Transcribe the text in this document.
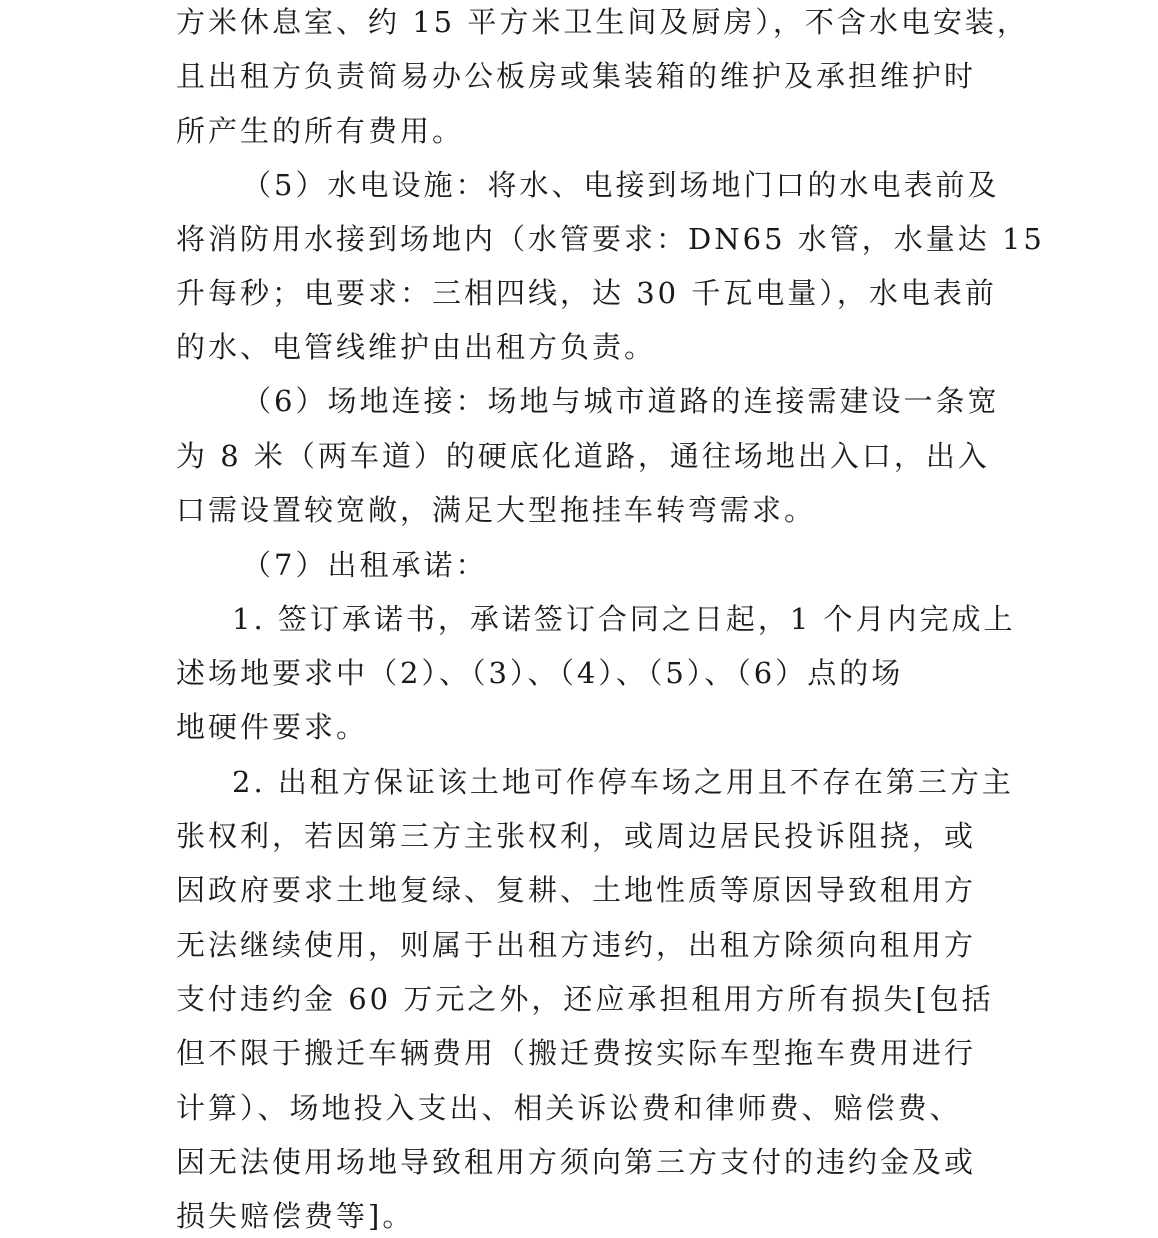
方米休息室、约 15 平方米卫生间及厨房），不含水电安装，
且出租方负责简易办公板房或集装箱的维护及承担维护时
所产生的所有费用。
（5）水电设施：将水、电接到场地门口的水电表前及
将消防用水接到场地内（水管要求：DN65 水管，水量达 15
升每秒；电要求：三相四线，达 30 千瓦电量），水电表前
的水、电管线维护由出租方负责。
（6）场地连接：场地与城市道路的连接需建设一条宽
为 8 米（两车道）的硬底化道路，通往场地出入口，出入
口需设置较宽敞，满足大型拖挂车转弯需求。
（7）出租承诺：
1. 签订承诺书，承诺签订合同之日起，1 个月内完成上
述场地要求中（2）、（3）、（4）、（5）、（6）点的场
地硬件要求。
2. 出租方保证该土地可作停车场之用且不存在第三方主
张权利，若因第三方主张权利，或周边居民投诉阻挠，或
因政府要求土地复绿、复耕、土地性质等原因导致租用方
无法继续使用，则属于出租方违约，出租方除须向租用方
支付违约金 60 万元之外，还应承担租用方所有损失[包括
但不限于搬迁车辆费用（搬迁费按实际车型拖车费用进行
计算）、场地投入支出、相关诉讼费和律师费、赔偿费、
因无法使用场地导致租用方须向第三方支付的违约金及或
损失赔偿费等]。
